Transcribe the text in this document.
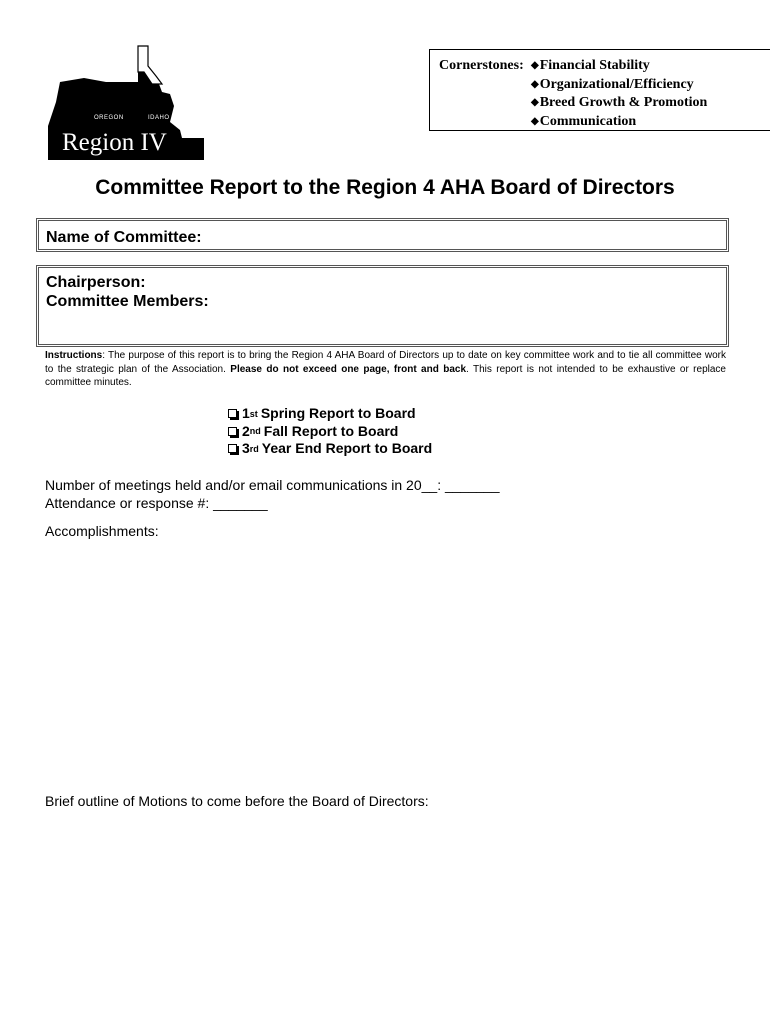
OREGON	IDAHO
Region IV
Cornerstones: ◆Financial Stability
◆Organizational/Efficiency
◆Breed Growth & Promotion
◆Communication
Committee Report to the Region 4 AHA Board of Directors
Name of Committee:
Chairperson:
Committee Members:
Instructions: The purpose of this report is to bring the Region 4 AHA Board of Directors up to date on key committee work and to tie all committee work to the strategic plan of the Association. Please do not exceed one page, front and back. This report is not intended to be exhaustive or replace committee minutes.
1 st Spring Report to Board
2 nd Fall Report to Board
3 rd Year End Report to Board
Number of meetings held and/or email communications in 20__: _______
Attendance or response #: _______
Accomplishments:
Brief outline of Motions to come before the Board of Directors:
